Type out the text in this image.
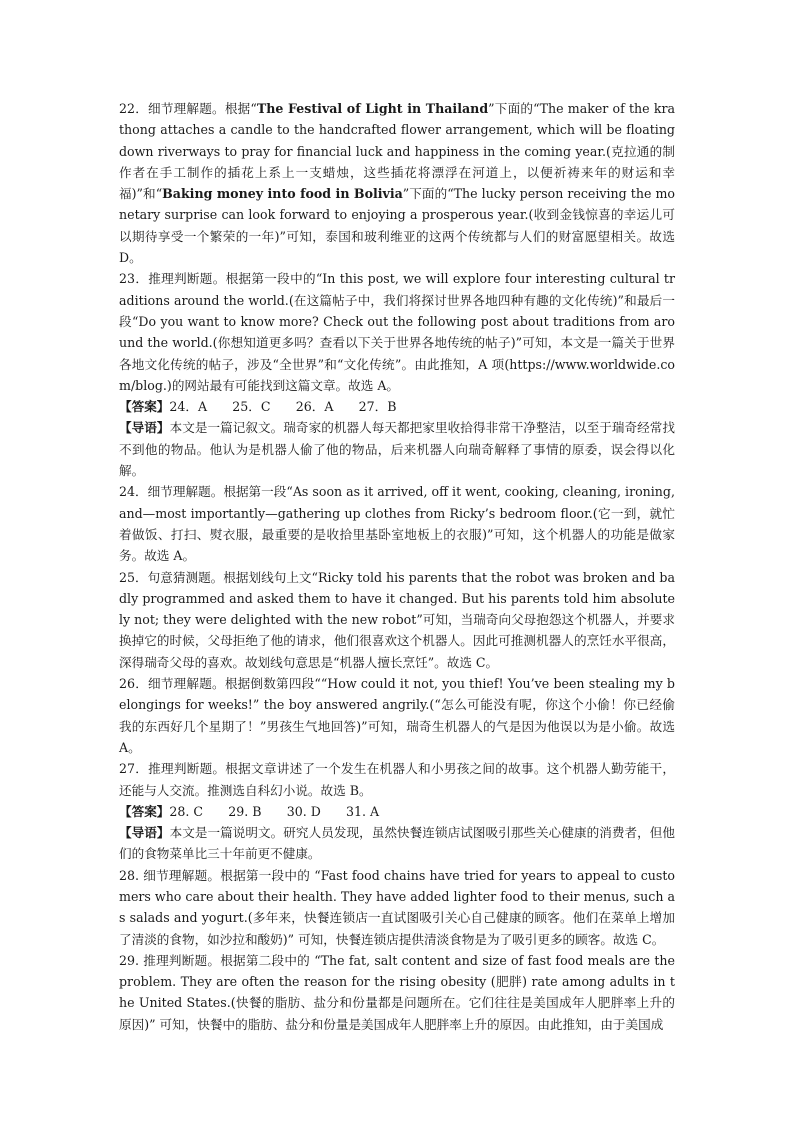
22．细节理解题。根据“The Festival of Light in Thailand”下面的“The maker of the krathong attaches a candle to the handcrafted flower arrangement, which will be floating down riverways to pray for financial luck and happiness in the coming year.(克拉通的制作者在手工制作的插花上系上一支蜡烛，这些插花将漂浮在河道上，以便祈祷来年的财运和幸福)”和“Baking money into food in Bolivia”下面的“The lucky person receiving the monetary surprise can look forward to enjoying a prosperous year.(收到金钱惊喜的幸运儿可以期待享受一个繁荣的一年)”可知，泰国和玻利维亚的这两个传统都与人们的财富愿望相关。故选 D。

23．推理判断题。根据第一段中的“In this post, we will explore four interesting cultural traditions around the world.(在这篇帖子中，我们将探讨世界各地四种有趣的文化传统)”和最后一段“Do you want to know more? Check out the following post about traditions from around the world.(你想知道更多吗？查看以下关于世界各地传统的帖子)”可知，本文是一篇关于世界各地文化传统的帖子，涉及“全世界”和“文化传统”。由此推知，A 项(https://www.worldwide.com/blog.)的网站最有可能找到这篇文章。故选 A。

【答案】24．A　　25．C　　26．A　　27．B

【导语】本文是一篇记叙文。瑞奇家的机器人每天都把家里收拾得非常干净整洁，以至于瑞奇经常找不到他的物品。他认为是机器人偷了他的物品，后来机器人向瑞奇解释了事情的原委，误会得以化解。

24．细节理解题。根据第一段“As soon as it arrived, off it went, cooking, cleaning, ironing, and—most importantly—gathering up clothes from Ricky’s bedroom floor.(它一到，就忙着做饭、打扫、熨衣服，最重要的是收拾里基卧室地板上的衣服)”可知，这个机器人的功能是做家务。故选 A。

25．句意猜测题。根据划线句上文“Ricky told his parents that the robot was broken and badly programmed and asked them to have it changed. But his parents told him absolutely not; they were delighted with the new robot”可知，当瑞奇向父母抱怨这个机器人，并要求换掉它的时候，父母拒绝了他的请求，他们很喜欢这个机器人。因此可推测机器人的烹饪水平很高，深得瑞奇父母的喜欢。故划线句意思是“机器人擅长烹饪”。故选 C。

26．细节理解题。根据倒数第四段““How could it not, you thief! You’ve been stealing my belongings for weeks!” the boy answered angrily.(“怎么可能没有呢，你这个小偷！你已经偷我的东西好几个星期了！”男孩生气地回答)”可知，瑞奇生机器人的气是因为他误以为是小偷。故选 A。

27．推理判断题。根据文章讲述了一个发生在机器人和小男孩之间的故事。这个机器人勤劳能干，还能与人交流。推测选自科幻小说。故选 B。

【答案】28. C　　29. B　　30. D　　31. A

【导语】本文是一篇说明文。研究人员发现，虽然快餐连锁店试图吸引那些关心健康的消费者，但他们的食物菜单比三十年前更不健康。

28. 细节理解题。根据第一段中的 “Fast food chains have tried for years to appeal to customers who care about their health. They have added lighter food to their menus, such as salads and yogurt.(多年来，快餐连锁店一直试图吸引关心自己健康的顾客。他们在菜单上增加了清淡的食物，如沙拉和酸奶)” 可知，快餐连锁店提供清淡食物是为了吸引更多的顾客。故选 C。

29. 推理判断题。根据第二段中的 “The fat, salt content and size of fast food meals are the problem. They are often the reason for the rising obesity (肥胖) rate among adults in the United States.(快餐的脂肪、盐分和份量都是问题所在。它们往往是美国成年人肥胖率上升的原因)” 可知，快餐中的脂肪、盐分和份量是美国成年人肥胖率上升的原因。由此推知，由于美国成
